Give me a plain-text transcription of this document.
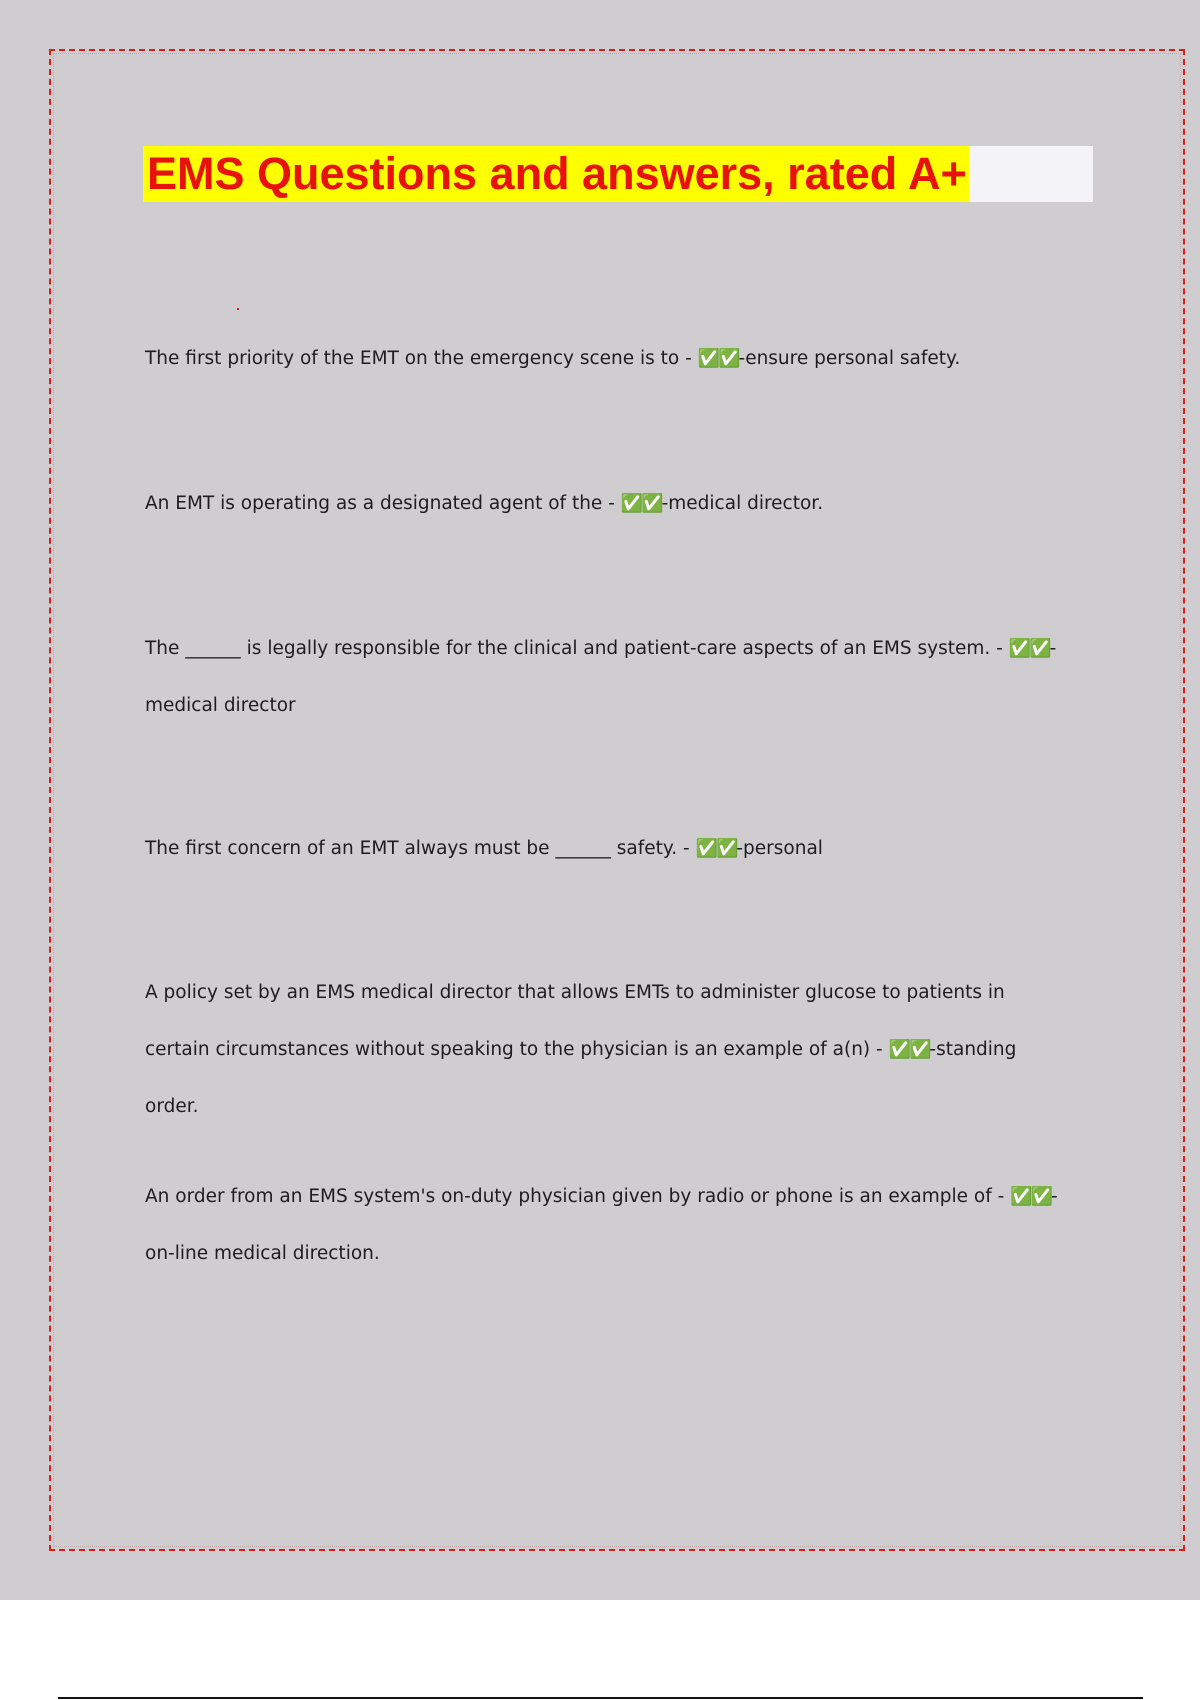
EMS Questions and answers, rated A+

The first priority of the EMT on the emergency scene is to - ✅✅-ensure personal safety.

An EMT is operating as a designated agent of the - ✅✅-medical director.

The ______ is legally responsible for the clinical and patient-care aspects of an EMS system. - ✅✅-medical director

The first concern of an EMT always must be ______ safety. - ✅✅-personal

A policy set by an EMS medical director that allows EMTs to administer glucose to patients in certain circumstances without speaking to the physician is an example of a(n) - ✅✅-standing order.

An order from an EMS system's on-duty physician given by radio or phone is an example of - ✅✅-on-line medical direction.
